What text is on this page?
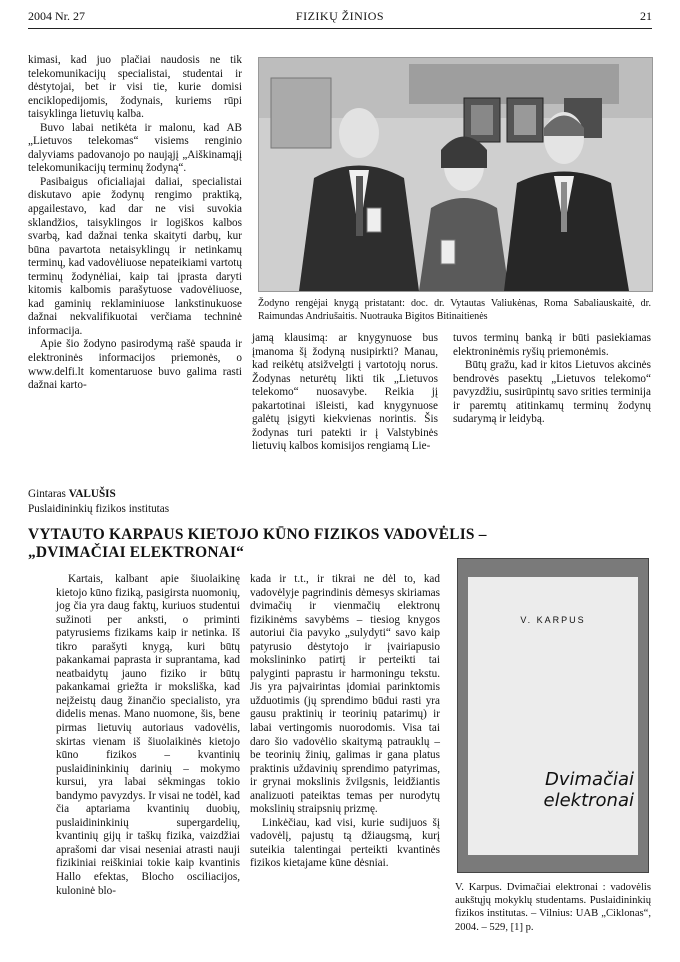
2004 Nr. 27	FIZIKŲ ŽINIOS	21

kimasi, kad juo plačiai naudosis ne tik telekomunikacijų specialistai, studentai ir dėstytojai, bet ir visi tie, kurie domisi enciklopedijomis, žodynais, kuriems rūpi taisyklinga lietuvių kalba.

Buvo labai netikėta ir malonu, kad AB „Lietuvos telekomas“ visiems renginio dalyviams padovanojo po naująjį „Aiškinamąjį telekomunikacijų terminų žodyną“.

Pasibaigus oficialiajai daliai, specialistai diskutavo apie žodynų rengimo praktiką, apgailestavo, kad dar ne visi suvokia sklandžios, taisyklingos ir logiškos kalbos svarbą, kad dažnai tenka skaityti darbų, kur būna pavartota netaisyklingų ir netinkamų terminų, kad vadovėliuose nepateikiami vartotų terminų žodynėliai, kaip tai įprasta daryti kitomis kalbomis parašytuose vadovėliuose, kad gaminių reklaminiuose lankstinukuose dažnai nekvalifikuotai verčiama techninė informacija.

Apie šio žodyno pasirodymą rašė spauda ir elektroninės informacijos priemonės, o www.delfi.lt komentaruose buvo galima rasti dažnai karto-

Žodyno rengėjai knygą pristatant: doc. dr. Vytautas Valiukėnas, Roma Sabaliauskaitė, dr. Raimundas Andriušaitis. Nuotrauka Bigitos Bitinaitienės

jamą klausimą: ar knygynuose bus įmanoma šį žodyną nusipirkti? Manau, kad reikėtų atsižvelgti į vartotojų norus. Žodynas neturėtų likti tik „Lietuvos telekomo“ nuosavybe. Reikia jį pakartotinai išleisti, kad knygynuose galėtų įsigyti kiekvienas norintis. Šis žodynas turi patekti ir į Valstybinės lietuvių kalbos komisijos rengiamą Lie-

tuvos terminų banką ir būti pasiekiamas elektroninėmis ryšių priemonėmis.

Būtų gražu, kad ir kitos Lietuvos akcinės bendrovės pasektų „Lietuvos telekomo“ pavyzdžiu, susirūpintų savo srities terminija ir paremtų atitinkamų terminų žodynų sudarymą ir leidybą.

Gintaras VALUŠIS
Puslaidininkių fizikos institutas
VYTAUTO KARPAUS KIETOJO KŪNO FIZIKOS VADOVĖLIS –
„DVIMAČIAI ELEKTRONAI“

Kartais, kalbant apie šiuolaikinę kietojo kūno fiziką, pasigirsta nuomonių, jog čia yra daug faktų, kuriuos studentui sužinoti per anksti, o priminti patyrusiems fizikams kaip ir netinka. Iš tikro parašyti knygą, kuri būtų pakankamai paprasta ir suprantama, kad neatbaidytų jauno fiziko ir būtų pakankamai griežta ir moksliška, kad neįžeistų daug žinančio specialisto, yra didelis menas. Mano nuomone, šis, bene pirmas lietuvių autoriaus vadovėlis, skirtas vienam iš šiuolaikinės kietojo kūno fizikos – kvantinių puslaidininkinių darinių – mokymo kursui, yra labai sėkmingas tokio bandymo pavyzdys. Ir visai ne todėl, kad čia aptariama kvantinių duobių, puslaidininkinių supergardelių, kvantinių gijų ir taškų fizika, vaizdžiai aprašomi dar visai neseniai atrasti nauji fizikiniai reiškiniai tokie kaip kvantinis Hallo efektas, Blocho osciliacijos, kuloninė blo-

kada ir t.t., ir tikrai ne dėl to, kad vadovėlyje pagrindinis dėmesys skiriamas dvimačių ir vienmačių elektronų fizikinėms savybėms – tiesiog knygos autoriui čia pavyko „sulydyti“ savo kaip patyrusio dėstytojo ir įvairiapusio mokslininko patirtį ir perteikti tai palyginti paprastu ir harmoningu tekstu. Jis yra pajvairintas įdomiai parinktomis užduotimis (jų sprendimo būdui rasti yra gausu praktinių ir teorinių patarimų) ir labai vertingomis nuorodomis. Visa tai daro šio vadovėlio skaitymą patrauklų – be teorinių žinių, galimas ir gana platus praktinis uždavinių sprendimo patyrimas, ir grynai mokslinis žvilgsnis, leidžiantis analizuoti pateiktas temas per nurodytų mokslinių straipsnių prizmę.

Linkėčiau, kad visi, kurie sudijuos šį vadovėlį, pajustų tą džiaugsmą, kurį suteikia talentingai perteikti kvantinės fizikos kietajame kūne dėsniai.

V. KARPUS
Dvimačiai
elektronai
V. Karpus. Dvimačiai elektronai : vadovėlis aukštųjų mokyklų studentams. Puslaidininkių fizikos institutas. – Vilnius: UAB „Ciklonas“, 2004. – 529, [1] p.
